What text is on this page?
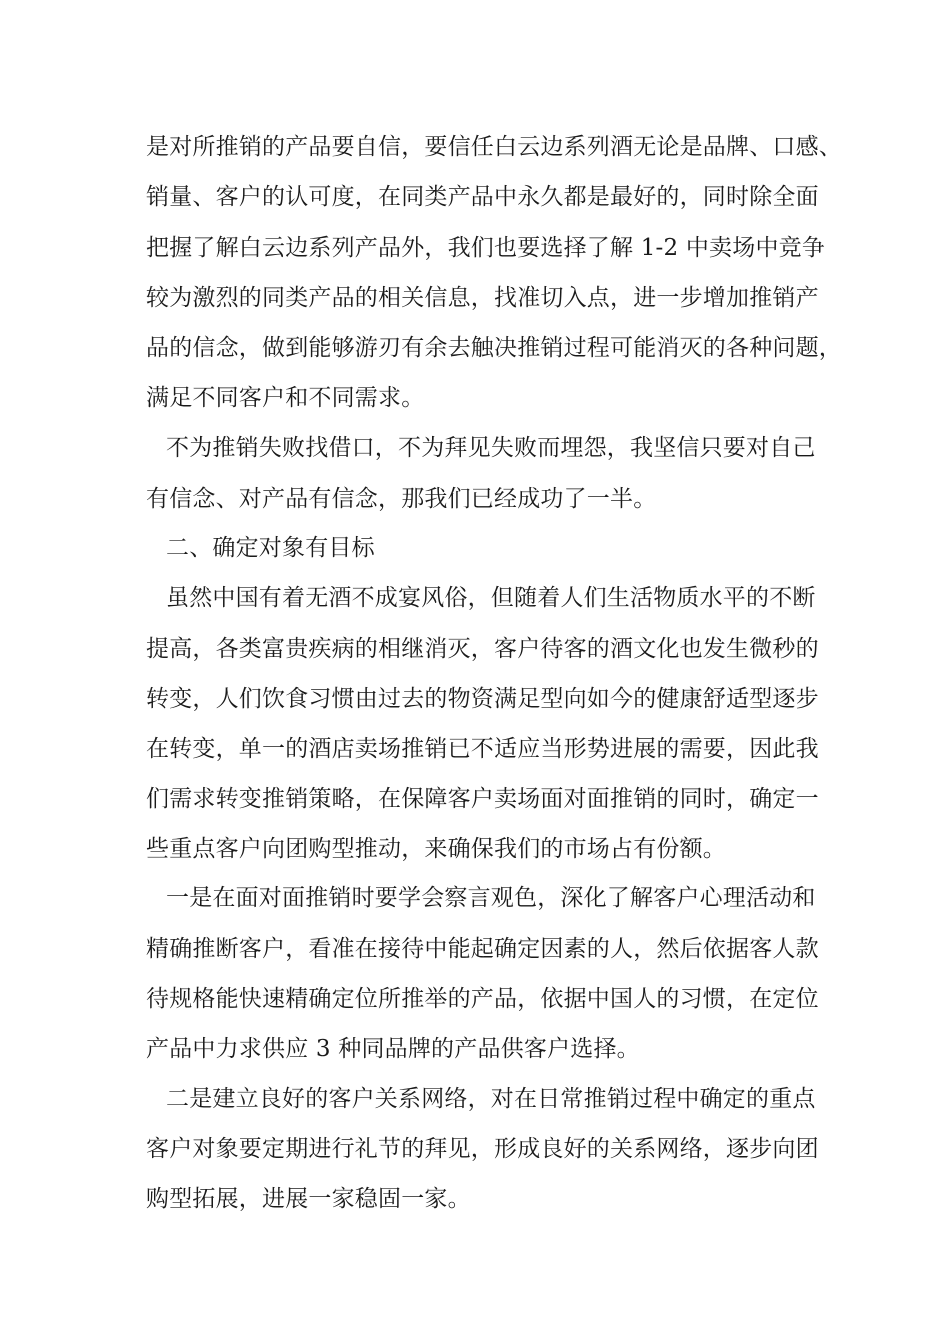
是对所推销的产品要自信，要信任白云边系列酒无论是品牌、口感、
销量、客户的认可度，在同类产品中永久都是最好的，同时除全面
把握了解白云边系列产品外，我们也要选择了解 1-2 中卖场中竞争
较为激烈的同类产品的相关信息，找准切入点，进一步增加推销产
品的信念，做到能够游刃有余去触决推销过程可能消灭的各种问题，
满足不同客户和不同需求。
不为推销失败找借口，不为拜见失败而埋怨，我坚信只要对自己
有信念、对产品有信念，那我们已经成功了一半。
二、确定对象有目标
虽然中国有着无酒不成宴风俗，但随着人们生活物质水平的不断
提高，各类富贵疾病的相继消灭，客户待客的酒文化也发生微秒的
转变，人们饮食习惯由过去的物资满足型向如今的健康舒适型逐步
在转变，单一的酒店卖场推销已不适应当形势进展的需要，因此我
们需求转变推销策略，在保障客户卖场面对面推销的同时，确定一
些重点客户向团购型推动，来确保我们的市场占有份额。
一是在面对面推销时要学会察言观色，深化了解客户心理活动和
精确推断客户，看准在接待中能起确定因素的人，然后依据客人款
待规格能快速精确定位所推举的产品，依据中国人的习惯，在定位
产品中力求供应 3 种同品牌的产品供客户选择。
二是建立良好的客户关系网络，对在日常推销过程中确定的重点
客户对象要定期进行礼节的拜见，形成良好的关系网络，逐步向团
购型拓展，进展一家稳固一家。
